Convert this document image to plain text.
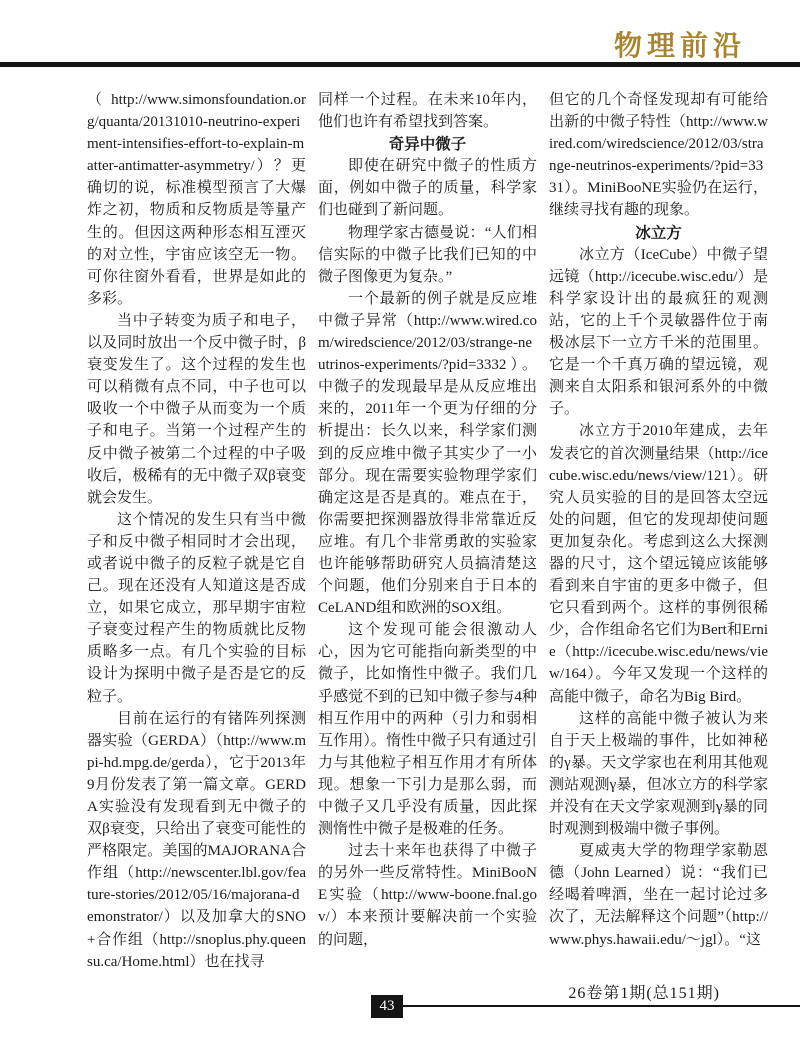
物理前沿

（http://www.simonsfoundation.org/quanta/20131010-neutrino-experiment-intensifies-effort-to-explain-matter-antimatter-asymmetry/）？更确切的说，标准模型预言了大爆炸之初，物质和反物质是等量产生的。但因这两种形态相互湮灭的对立性，宇宙应该空无一物。可你往窗外看看，世界是如此的多彩。

当中子转变为质子和电子，以及同时放出一个反中微子时，β衰变发生了。这个过程的发生也可以稍微有点不同，中子也可以吸收一个中微子从而变为一个质子和电子。当第一个过程产生的反中微子被第二个过程的中子吸收后，极稀有的无中微子双β衰变就会发生。

这个情况的发生只有当中微子和反中微子相同时才会出现，或者说中微子的反粒子就是它自己。现在还没有人知道这是否成立，如果它成立，那早期宇宙粒子衰变过程产生的物质就比反物质略多一点。有几个实验的目标设计为探明中微子是否是它的反粒子。

目前在运行的有锗阵列探测器实验（GERDA）（http://www.mpi-hd.mpg.de/gerda），它于2013年9月份发表了第一篇文章。GERDA实验没有发现看到无中微子的双β衰变，只给出了衰变可能性的严格限定。美国的MAJORANA合作组（http://newscenter.lbl.gov/feature-stories/2012/05/16/majorana-demonstrator/）以及加拿大的SNO+合作组（http://snoplus.phy.queensu.ca/Home.html）也在找寻

同样一个过程。在未来10年内，他们也许有希望找到答案。

奇异中微子

即使在研究中微子的性质方面，例如中微子的质量，科学家们也碰到了新问题。

物理学家古德曼说：“人们相信实际的中微子比我们已知的中微子图像更为复杂。”

一个最新的例子就是反应堆中微子异常（http://www.wired.com/wiredscience/2012/03/strange-neutrinos-experiments/?pid=3332）。中微子的发现最早是从反应堆出来的，2011年一个更为仔细的分析提出：长久以来，科学家们测到的反应堆中微子其实少了一小部分。现在需要实验物理学家们确定这是否是真的。难点在于，你需要把探测器放得非常靠近反应堆。有几个非常勇敢的实验家也许能够帮助研究人员搞清楚这个问题，他们分别来自于日本的CeLAND组和欧洲的SOX组。

这个发现可能会很激动人心，因为它可能指向新类型的中微子，比如惰性中微子。我们几乎感觉不到的已知中微子参与4种相互作用中的两种（引力和弱相互作用）。惰性中微子只有通过引力与其他粒子相互作用才有所体现。想象一下引力是那么弱，而中微子又几乎没有质量，因此探测惰性中微子是极难的任务。

过去十来年也获得了中微子的另外一些反常特性。MiniBooNE实验（http://www-boone.fnal.gov/）本来预计要解决前一个实验的问题，

但它的几个奇怪发现却有可能给出新的中微子特性（http://www.wired.com/wiredscience/2012/03/strange-neutrinos-experiments/?pid=3331）。MiniBooNE实验仍在运行，继续寻找有趣的现象。

冰立方

冰立方（IceCube）中微子望远镜（http://icecube.wisc.edu/）是科学家设计出的最疯狂的观测站，它的上千个灵敏器件位于南极冰层下一立方千米的范围里。它是一个千真万确的望远镜，观测来自太阳系和银河系外的中微子。

冰立方于2010年建成，去年发表它的首次测量结果（http://icecube.wisc.edu/news/view/121）。研究人员实验的目的是回答太空远处的问题，但它的发现却使问题更加复杂化。考虑到这么大探测器的尺寸，这个望远镜应该能够看到来自宇宙的更多中微子，但它只看到两个。这样的事例很稀少，合作组命名它们为Bert和Ernie（http://icecube.wisc.edu/news/view/164）。今年又发现一个这样的高能中微子，命名为Big Bird。

这样的高能中微子被认为来自于天上极端的事件，比如神秘的γ暴。天文学家也在利用其他观测站观测γ暴，但冰立方的科学家并没有在天文学家观测到γ暴的同时观测到极端中微子事例。

夏威夷大学的物理学家勒恩德（John Learned）说：“我们已经喝着啤酒，坐在一起讨论过多次了，无法解释这个问题”（http://www.phys.hawaii.edu/～jgl）。“这

43
26卷第1期(总151期)
